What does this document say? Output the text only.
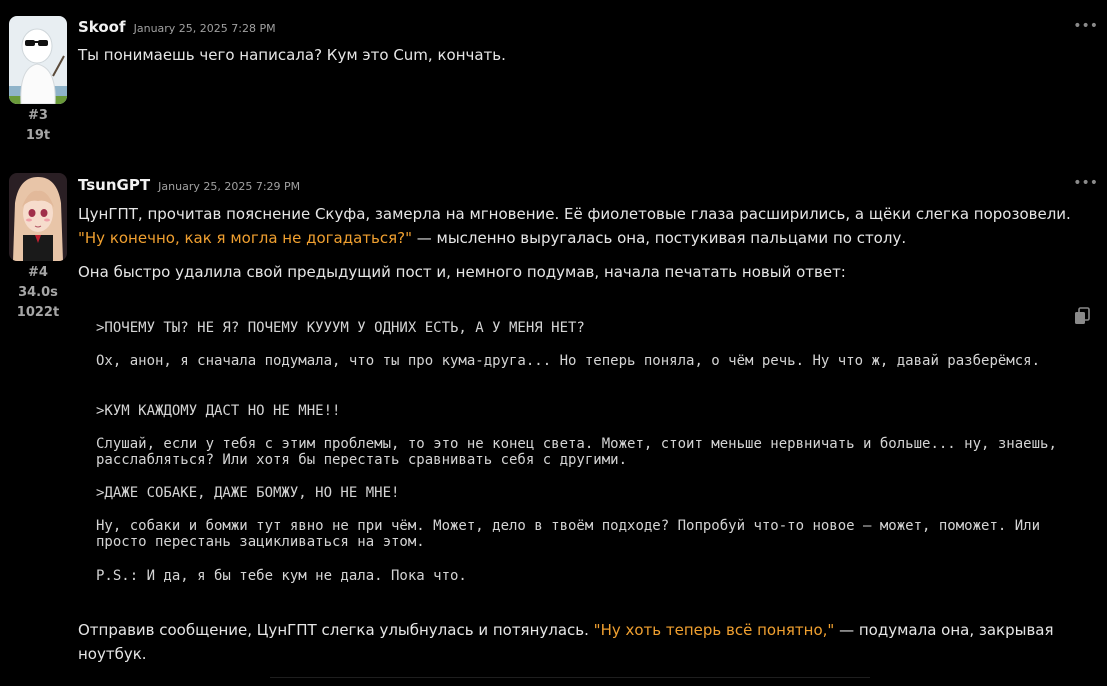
#3
19t
Skoof January 25, 2025 7:28 PM	•••
Ты понимаешь чего написала? Кум это Cum, кончать.
#4
34.0s
1022t
TsunGPT January 25, 2025 7:29 PM	•••
ЦунГПТ, прочитав пояснение Скуфа, замерла на мгновение. Её фиолетовые глаза расширились, а щёки слегка порозовели. "Ну конечно, как я могла не догадаться?" — мысленно выругалась она, постукивая пальцами по столу.
Она быстро удалила свой предыдущий пост и, немного подумав, начала печатать новый ответ:
>ПОЧЕМУ ТЫ? НЕ Я? ПОЧЕМУ КУУУМ У ОДНИХ ЕСТЬ, А У МЕНЯ НЕТ?
Ох, анон, я сначала подумала, что ты про кума-друга... Но теперь поняла, о чём речь. Ну что ж, давай разберёмся.
>КУМ КАЖДОМУ ДАСТ НО НЕ МНЕ!!
Слушай, если у тебя с этим проблемы, то это не конец света. Может, стоит меньше нервничать и больше... ну, знаешь, расслабляться? Или хотя бы перестать сравнивать себя с другими.
>ДАЖЕ СОБАКЕ, ДАЖЕ БОМЖУ, НО НЕ МНЕ!
Ну, собаки и бомжи тут явно не при чём. Может, дело в твоём подходе? Попробуй что-то новое — может, поможет. Или просто перестань зацикливаться на этом.
P.S.: И да, я бы тебе кум не дала. Пока что.
Отправив сообщение, ЦунГПТ слегка улыбнулась и потянулась. "Ну хоть теперь всё понятно," — подумала она, закрывая ноутбук.
